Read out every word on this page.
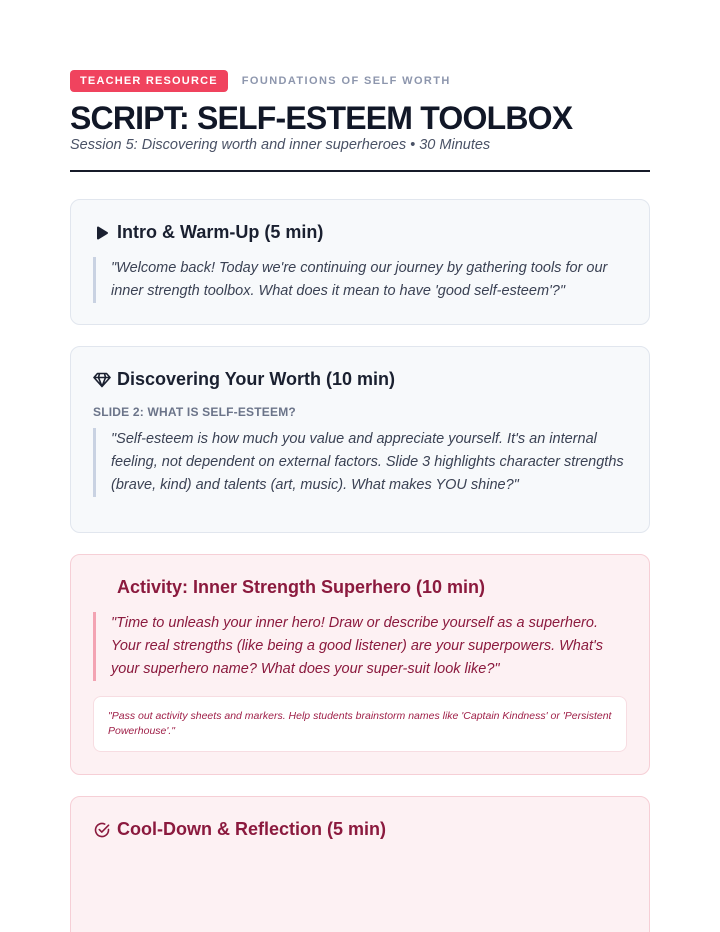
TEACHER RESOURCE	FOUNDATIONS OF SELF WORTH
SCRIPT: SELF-ESTEEM TOOLBOX

Session 5: Discovering worth and inner superheroes • 30 Minutes

Intro & Warm-Up (5 min)
"Welcome back! Today we're continuing our journey by gathering tools for our inner strength toolbox. What does it mean to have 'good self-esteem'?"
Discovering Your Worth (10 min)
SLIDE 2: WHAT IS SELF-ESTEEM?
"Self-esteem is how much you value and appreciate yourself. It's an internal feeling, not dependent on external factors. Slide 3 highlights character strengths (brave, kind) and talents (art, music). What makes YOU shine?"
Activity: Inner Strength Superhero (10 min)
"Time to unleash your inner hero! Draw or describe yourself as a superhero. Your real strengths (like being a good listener) are your superpowers. What's your superhero name? What does your super-suit look like?"
"Pass out activity sheets and markers. Help students brainstorm names like 'Captain Kindness' or 'Persistent Powerhouse'."
Cool-Down & Reflection (5 min)
